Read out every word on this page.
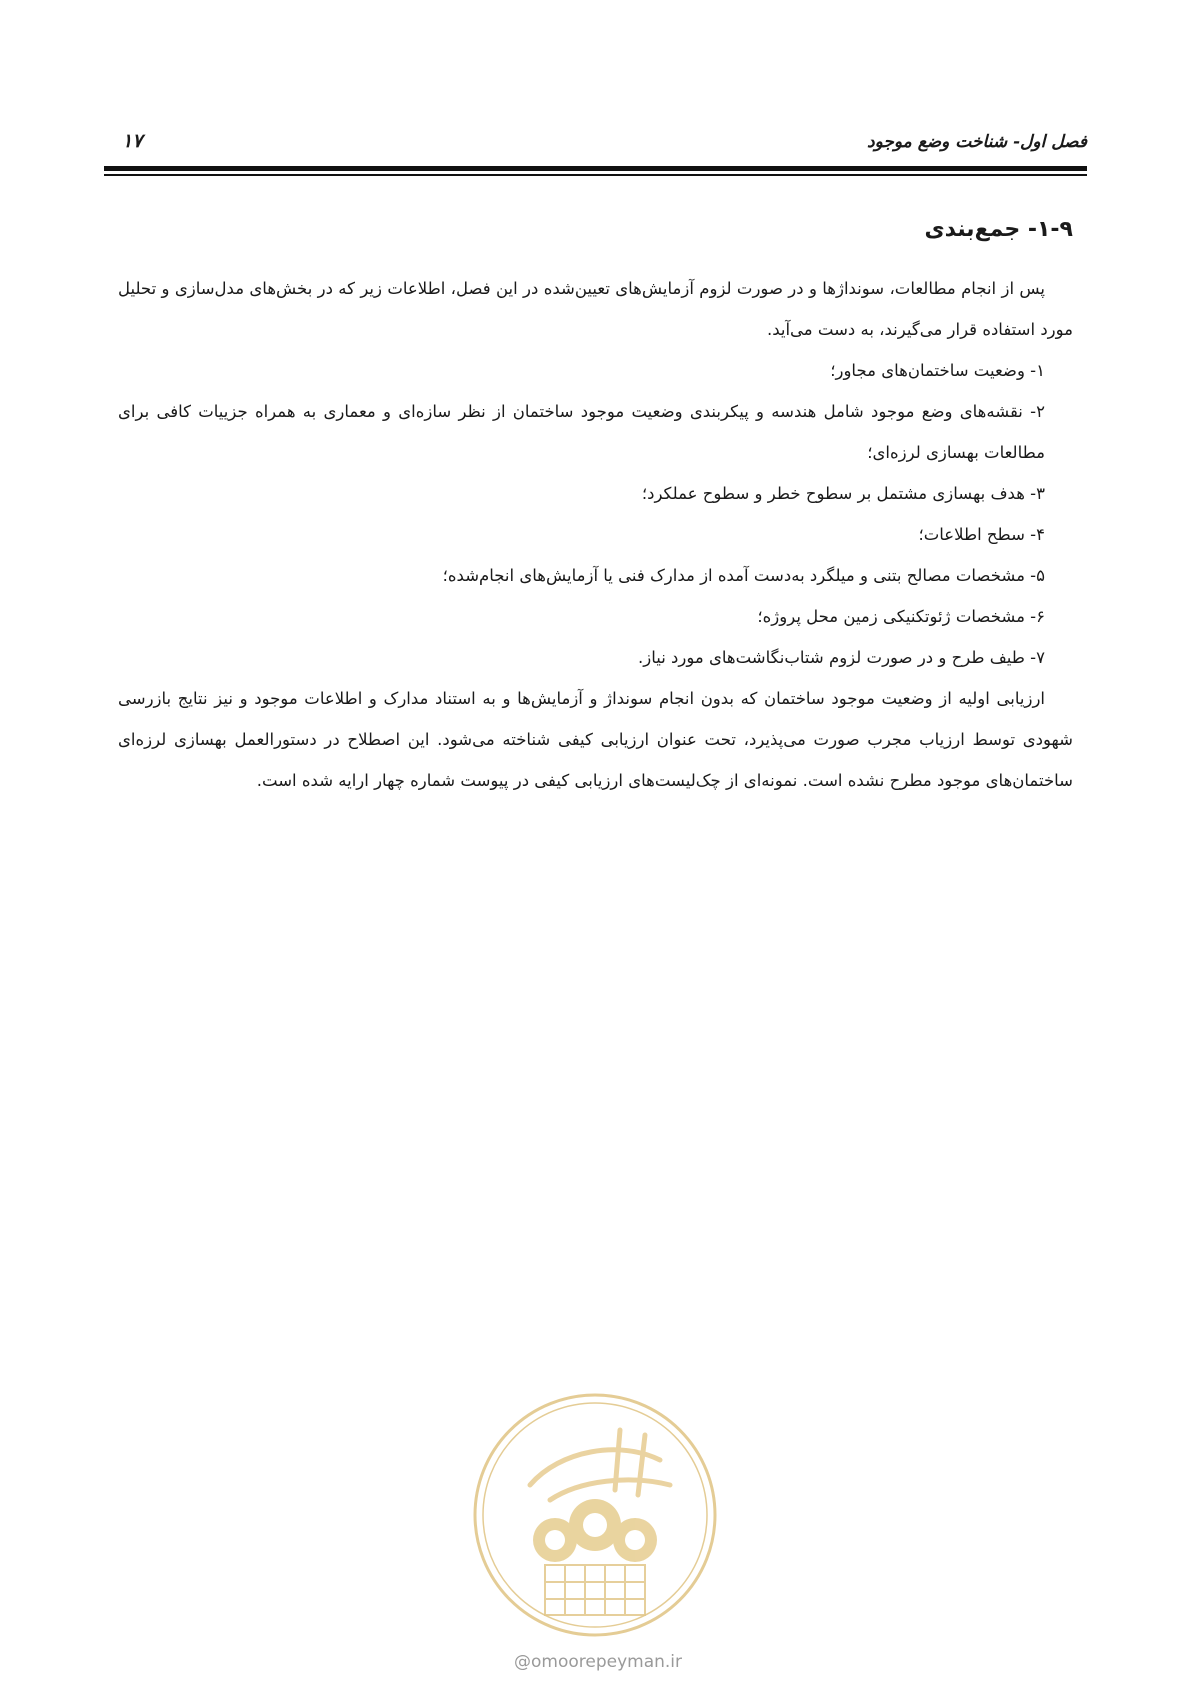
فصل اول- شناخت وضع موجود
۱۷
۱-۹- جمع‌بندی

پس از انجام مطالعات، سونداژها و در صورت لزوم آزمایش‌های تعیین‌شده در این فصل، اطلاعات زیر که در بخش‌های مدل‌سازی و تحلیل مورد استفاده قرار می‌گیرند، به دست می‌آید.

۱- وضعیت ساختمان‌های مجاور؛

۲- نقشه‌های وضع موجود شامل هندسه و پیکربندی وضعیت موجود ساختمان از نظر سازه‌ای و معماری به همراه جزییات کافی برای مطالعات بهسازی لرزه‌ای؛

۳- هدف بهسازی مشتمل بر سطوح خطر و سطوح عملکرد؛

۴- سطح اطلاعات؛

۵- مشخصات مصالح بتنی و میلگرد به‌دست آمده از مدارک فنی یا آزمایش‌های انجام‌شده؛

۶- مشخصات ژئوتکنیکی زمین محل پروژه؛

۷- طیف طرح و در صورت لزوم شتاب‌نگاشت‌های مورد نیاز.

ارزیابی اولیه از وضعیت موجود ساختمان که بدون انجام سونداژ و آزمایش‌ها و به استناد مدارک و اطلاعات موجود و نیز نتایج بازرسی شهودی توسط ارزیاب مجرب صورت می‌پذیرد، تحت عنوان ارزیابی کیفی شناخته می‌شود. این اصطلاح در دستورالعمل بهسازی لرزه‌ای ساختمان‌های موجود مطرح نشده است. نمونه‌ای از چک‌لیست‌های ارزیابی کیفی در پیوست شماره چهار ارایه شده است.

@omoorepeyman.ir
